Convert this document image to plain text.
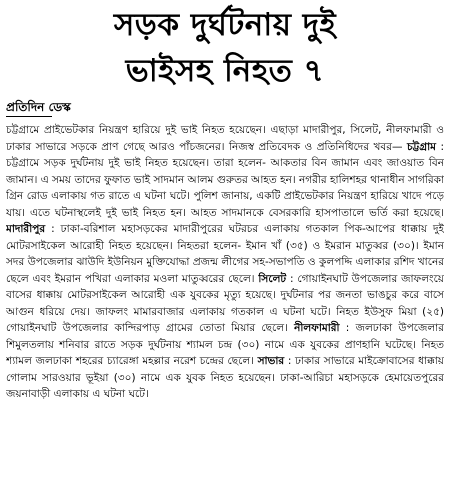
সড়ক দুর্ঘটনায় দুই
ভাইসহ নিহত ৭

প্রতিদিন ডেস্ক

চট্টগ্রামে প্রাইভেটকার নিয়ন্ত্রণ হারিয়ে দুই ভাই নিহত হয়েছেন। এছাড়া মাদারীপুর, সিলেট, নীলফামারী ও ঢাকার সাভারে সড়কে প্রাণ গেছে আরও পাঁচজনের। নিজস্ব প্রতিবেদক ও প্রতিনিধিদের খবর— চট্টগ্রাম : চট্টগ্রামে সড়ক দুর্ঘটনায় দুই ভাই নিহত হয়েছেন। তারা হলেন- আকতার বিন জামান এবং জাওয়াত বিন জামান। এ সময় তাদের ফুফাত ভাই সাদমান আলম গুরুতর আহত হন। নগরীর হালিশহর থানাধীন সাগরিকা গ্রিন রোড এলাকায় গত রাতে এ ঘটনা ঘটে। পুলিশ জানায়, একটি প্রাইভেটকার নিয়ন্ত্রণ হারিয়ে খাদে পড়ে যায়। এতে ঘটনাস্থলেই দুই ভাই নিহত হন। আহত সাদমানকে বেসরকারি হাসপাতালে ভর্তি করা হয়েছে। মাদারীপুর : ঢাকা-বরিশাল মহাসড়কের মাদারীপুরের ঘটরচর এলাকায় গতকাল পিক-আপের ধাক্কায় দুই মোটরসাইকেল আরোহী নিহত হয়েছেন। নিহতরা হলেন- ইমান খাঁ (৩৫) ও ইমরান মাতুব্বর (৩০)। ইমান সদর উপজেলার ঝাউদি ইউনিয়ন মুক্তিযোদ্ধা প্রজন্ম লীগের সহ-সভাপতি ও কুলপদ্দি এলাকার রশিদ খানের ছেলে এবং ইমরান পখিরা এলাকার মওলা মাতুব্বরের ছেলে। সিলেট : গোয়াইনঘাট উপজেলার জাফলংয়ে বাসের ধাক্কায় মোটরসাইকেল আরোহী এক যুবকের মৃত্যু হয়েছে। দুর্ঘটনার পর জনতা ভাঙচুর করে বাসে আগুন ধরিয়ে দেয়। জাফলং মামারবাজার এলাকায় গতকাল এ ঘটনা ঘটে। নিহত ইউসুফ মিয়া (২৫) গোয়াইনঘাট উপজেলার কান্দিরপাড় গ্রামের তোতা মিয়ার ছেলে। নীলফামারী : জলঢাকা উপজেলার শিমুলতলায় শনিবার রাতে সড়ক দুর্ঘটনায় শ্যামল চন্দ্র (৩০) নামে এক যুবকের প্রাণহানি ঘটেছে। নিহত শ্যামল জলঢাকা শহরের চ্যারেঙ্গা মহল্লার নরেশ চন্দ্রের ছেলে। সাভার : ঢাকার সাভারে মাইক্রোবাসের ধাক্কায় গোলাম সারওয়ার ভূইয়া (৩০) নামে এক যুবক নিহত হয়েছেন। ঢাকা-আরিচা মহাসড়কে হেমায়েতপুরের জয়নাবাড়ী এলাকায় এ ঘটনা ঘটে।
